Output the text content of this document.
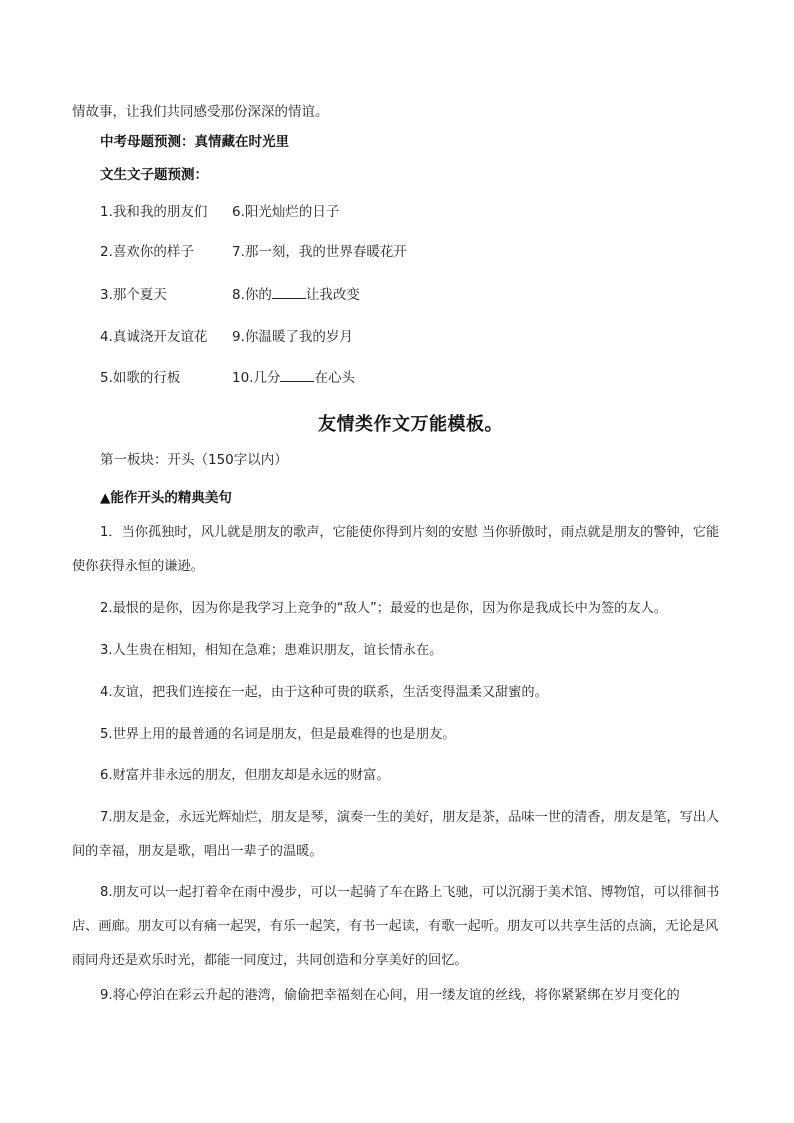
情故事，让我们共同感受那份深深的情谊。
中考母题预测：真情藏在时光里
文生文子题预测：
1.我和我的朋友们
2.喜欢你的样子
3.那个夏天
4.真诚浇开友谊花
5.如歌的行板
6.阳光灿烂的日子
7.那一刻，我的世界春暖花开
8.你的	让我改变
9.你温暖了我的岁月
10.几分	在心头
友情类作文万能模板。
第一板块：开头（150字以内）
▲能作开头的精典美句
1．当你孤独时，风儿就是朋友的歌声，它能使你得到片刻的安慰 当你骄傲时，雨点就是朋友的警钟，它能使你获得永恒的谦逊。
2.最恨的是你，因为你是我学习上竞争的“敌人”；最爱的也是你，因为你是我成长中为签的友人。
3.人生贵在相知，相知在急难；患难识朋友，谊长情永在。
4.友谊，把我们连接在一起，由于这种可贵的联系，生活变得温柔又甜蜜的。
5.世界上用的最普通的名词是朋友，但是最难得的也是朋友。
6.财富并非永远的朋友，但朋友却是永远的财富。
7.朋友是金，永远光辉灿烂，朋友是琴，演奏一生的美好，朋友是茶，品味一世的清香，朋友是笔，写出人间的幸福，朋友是歌，唱出一辈子的温暖。
8.朋友可以一起打着伞在雨中漫步，可以一起骑了车在路上飞驰，可以沉溺于美术馆、博物馆，可以徘徊书店、画廊。朋友可以有痛一起哭，有乐一起笑，有书一起读，有歌一起听。朋友可以共享生活的点滴，无论是风雨同舟还是欢乐时光，都能一同度过，共同创造和分享美好的回忆。
9.将心停泊在彩云升起的港湾，偷偷把幸福刻在心间，用一缕友谊的丝线，将你紧紧绑在岁月变化的
